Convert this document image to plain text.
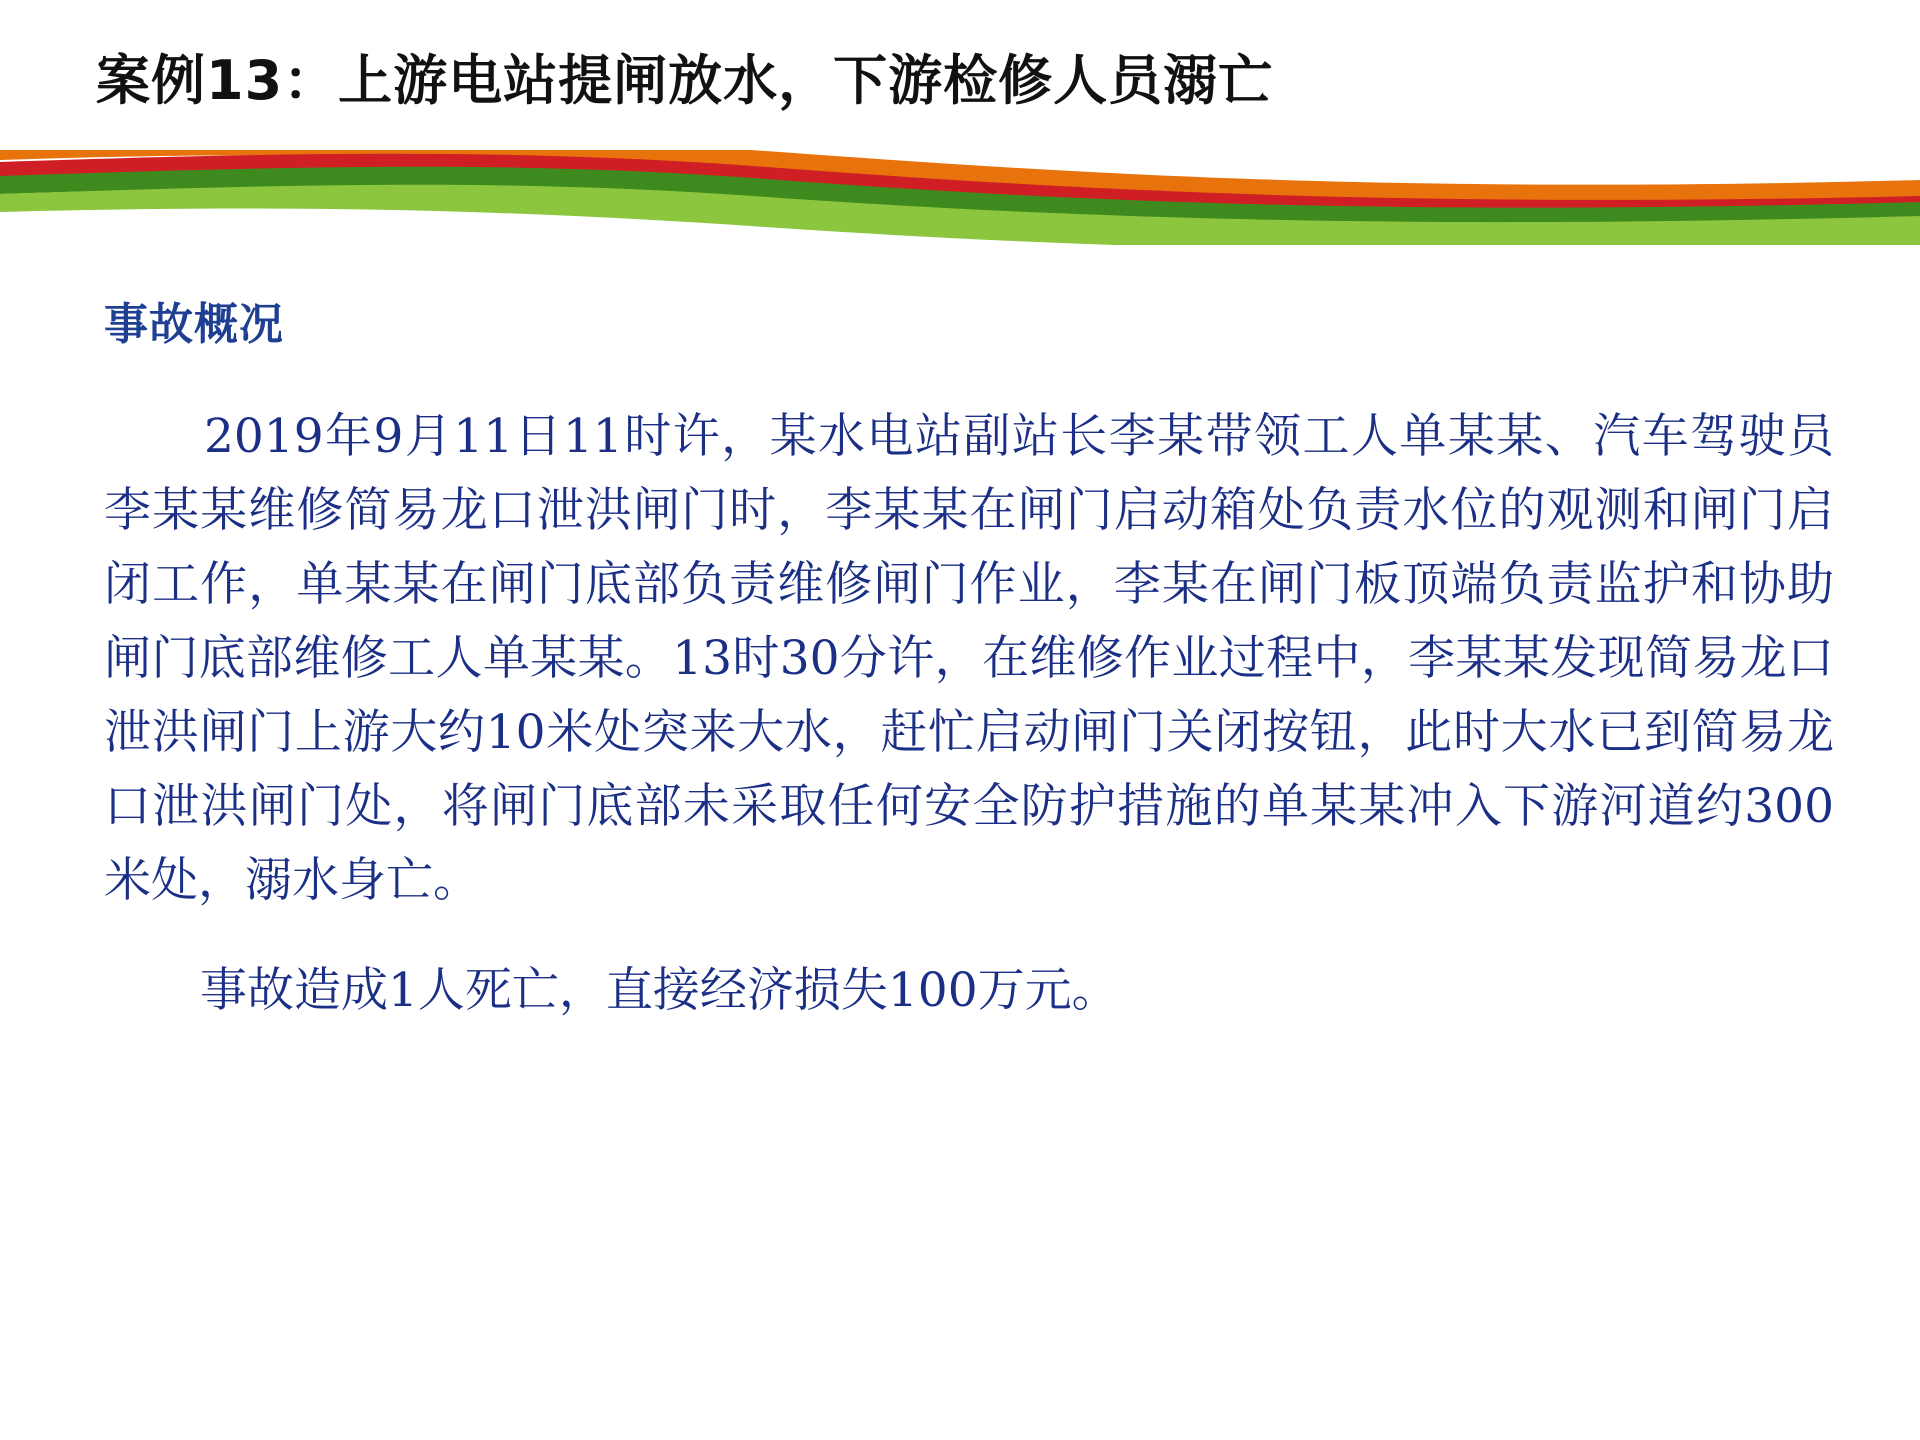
案例13：上游电站提闸放水，下游检修人员溺亡
事故概况

2019年9月11日11时许，某水电站副站长李某带领工人单某某、汽车驾驶员李某某维修简易龙口泄洪闸门时，李某某在闸门启动箱处负责水位的观测和闸门启闭工作，单某某在闸门底部负责维修闸门作业，李某在闸门板顶端负责监护和协助闸门底部维修工人单某某。13时30分许，在维修作业过程中，李某某发现简易龙口泄洪闸门上游大约10米处突来大水，赶忙启动闸门关闭按钮，此时大水已到简易龙口泄洪闸门处，将闸门底部未采取任何安全防护措施的单某某冲入下游河道约300米处，溺水身亡。

事故造成1人死亡，直接经济损失100万元。
